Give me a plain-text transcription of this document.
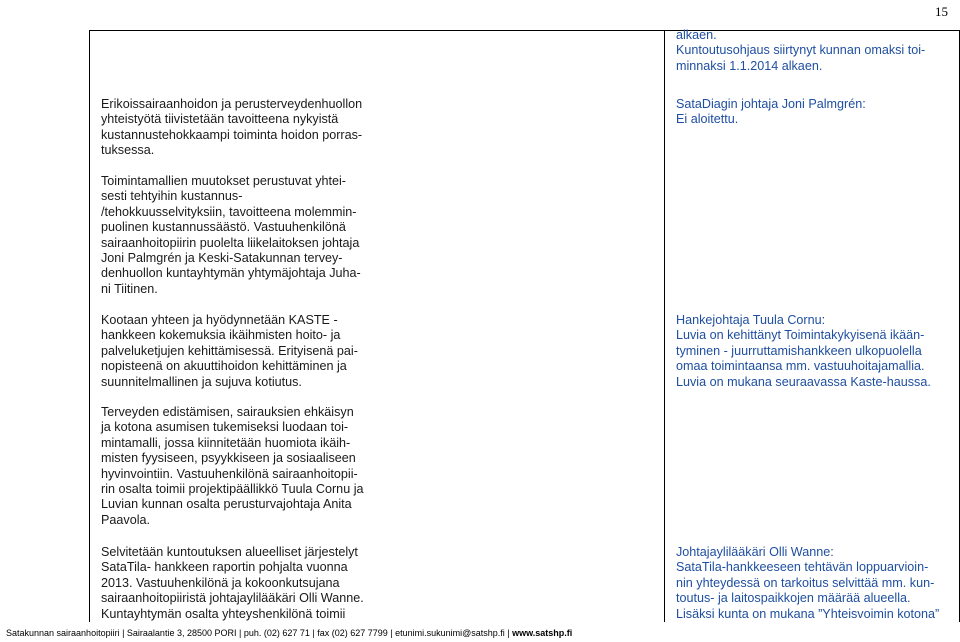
15
Erikoissairaanhoidon ja perusterveydenhuollon
yhteistyötä tiivistetään tavoitteena nykyistä
kustannustehokkaampi toiminta hoidon porras-
tuksessa.
Toimintamallien muutokset perustuvat yhtei-
sesti tehtyihin kustannus-
/tehokkuusselvityksiin, tavoitteena molemmin-
puolinen kustannussäästö. Vastuuhenkilönä
sairaanhoitopiirin puolelta liikelaitoksen johtaja
Joni Palmgrén ja Keski-Satakunnan tervey-
denhuollon kuntayhtymän yhtymäjohtaja Juha-
ni Tiitinen.
Kootaan yhteen ja hyödynnetään KASTE -
hankkeen kokemuksia ikäihmisten hoito- ja
palveluketjujen kehittämisessä. Erityisenä pai-
nopisteenä on akuuttihoidon kehittäminen ja
suunnitelmallinen ja sujuva kotiutus.
Terveyden edistämisen, sairauksien ehkäisyn
ja kotona asumisen tukemiseksi luodaan toi-
mintamalli, jossa kiinnitetään huomiota ikäih-
misten fyysiseen, psyykkiseen ja sosiaaliseen
hyvinvointiin. Vastuuhenkilönä sairaanhoitopii-
rin osalta toimii projektipäällikkö Tuula Cornu ja
Luvian kunnan osalta perusturvajohtaja Anita
Paavola.
Selvitetään kuntoutuksen alueelliset järjestelyt
SataTila- hankkeen raportin pohjalta vuonna
2013. Vastuuhenkilönä ja kokoonkutsujana
sairaanhoitopiiristä johtajaylilääkäri Olli Wanne.
Kuntayhtymän osalta yhteyshenkilönä toimii
alkaen.
Kuntoutusohjaus siirtynyt kunnan omaksi toi-
minnaksi 1.1.2014 alkaen.
SataDiagin johtaja Joni Palmgrén:
Ei aloitettu.
Hankejohtaja Tuula Cornu:
Luvia on kehittänyt Toimintakykyisenä ikään-
tyminen - juurruttamishankkeen ulkopuolella
omaa toimintaansa mm. vastuuhoitajamallia.
Luvia on mukana seuraavassa Kaste-haussa.
Johtajaylilääkäri Olli Wanne:
SataTila-hankkeeseen tehtävän loppuarvioin-
nin yhteydessä on tarkoitus selvittää mm. kun-
toutus- ja laitospaikkojen määrää alueella.
Lisäksi kunta on mukana ”Yhteisvoimin kotona”
Satakunnan sairaanhoitopiiri | Sairaalantie 3, 28500 PORI | puh. (02) 627 71 | fax (02) 627 7799 | etunimi.sukunimi@satshp.fi | www.satshp.fi
